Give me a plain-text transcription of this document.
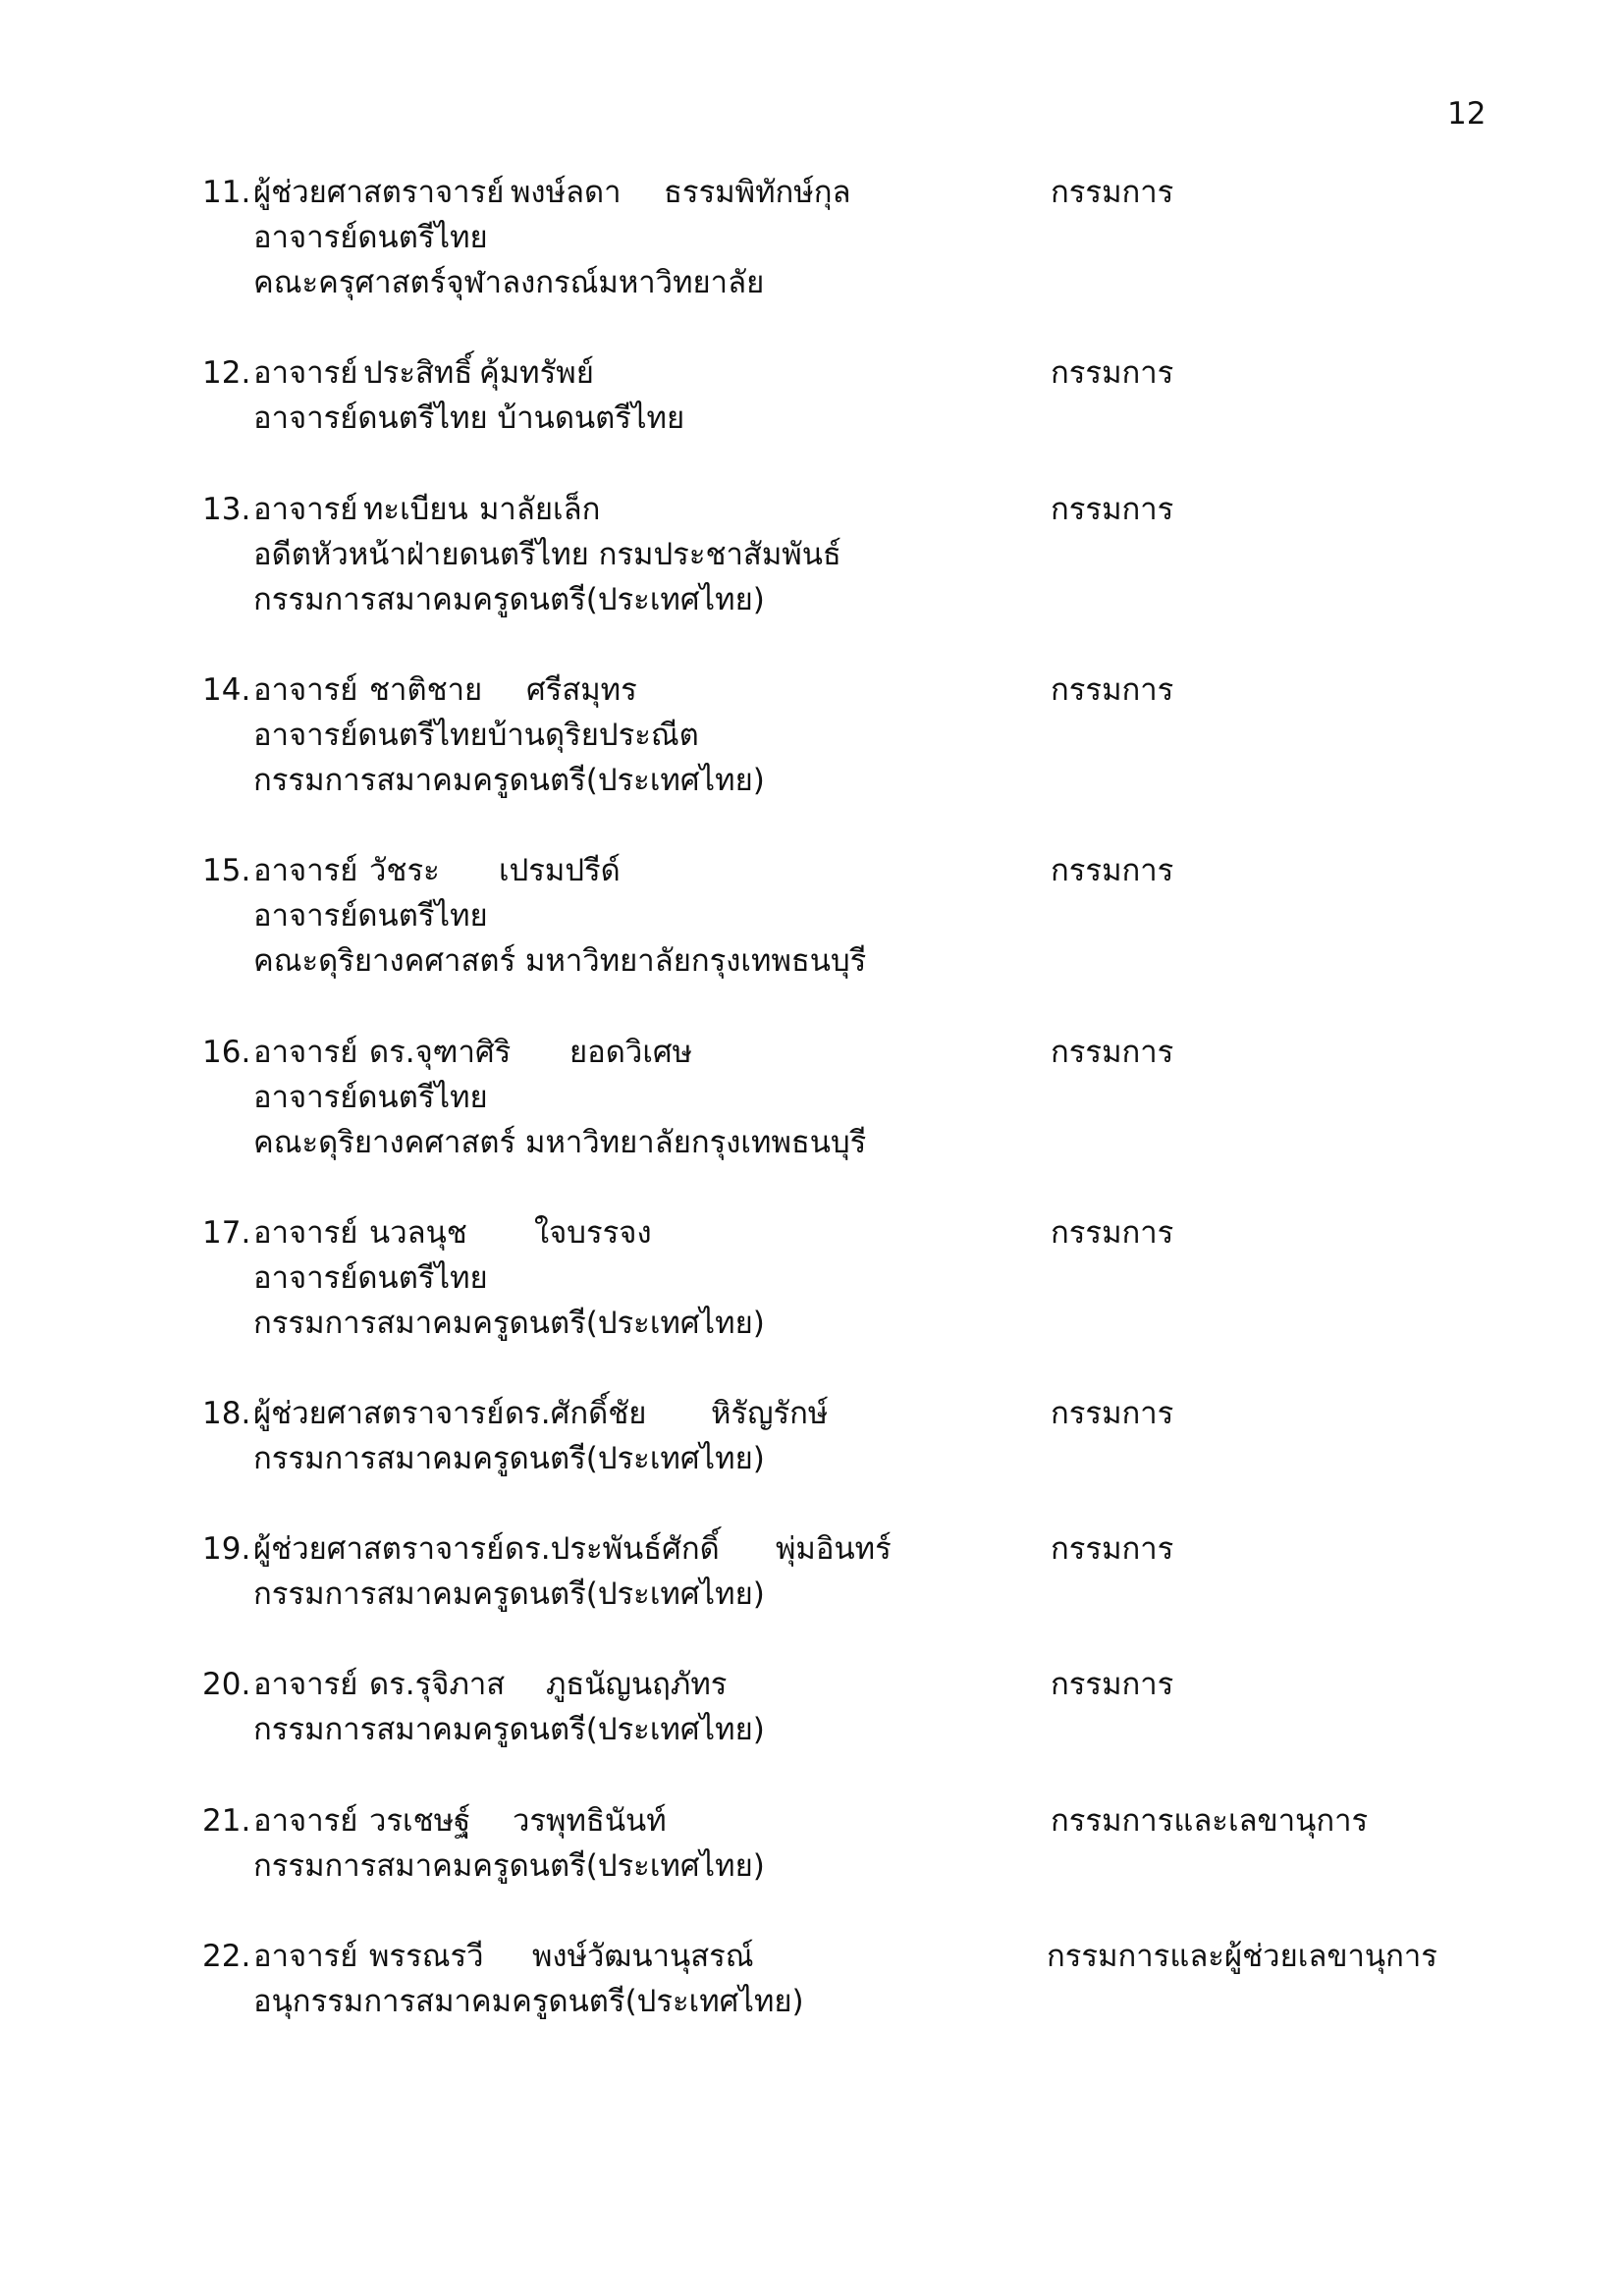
12
11. ผู้ช่วยศาสตราจารย์ พงษ์ลดา ธรรมพิทักษ์กุล	กรรมการ
อาจารย์ดนตรีไทย
คณะครุศาสตร์จุฬาลงกรณ์มหาวิทยาลัย
12. อาจารย์ ประสิทธิ์ คุ้มทรัพย์	กรรมการ
อาจารย์ดนตรีไทย บ้านดนตรีไทย
13. อาจารย์ ทะเบียน มาลัยเล็ก	กรรมการ
อดีตหัวหน้าฝ่ายดนตรีไทย กรมประชาสัมพันธ์
กรรมการสมาคมครูดนตรี(ประเทศไทย)
14. อาจารย์ ชาติชาย ศรีสมุทร	กรรมการ
อาจารย์ดนตรีไทยบ้านดุริยประณีต
กรรมการสมาคมครูดนตรี(ประเทศไทย)
15. อาจารย์ วัชระ เปรมปรีด์	กรรมการ
อาจารย์ดนตรีไทย
คณะดุริยางคศาสตร์ มหาวิทยาลัยกรุงเทพธนบุรี
16. อาจารย์ ดร.จุฑาศิริ ยอดวิเศษ	กรรมการ
อาจารย์ดนตรีไทย
คณะดุริยางคศาสตร์ มหาวิทยาลัยกรุงเทพธนบุรี
17. อาจารย์ นวลนุช ใจบรรจง	กรรมการ
อาจารย์ดนตรีไทย
กรรมการสมาคมครูดนตรี(ประเทศไทย)
18. ผู้ช่วยศาสตราจารย์ ดร.ศักดิ์ชัย หิรัญรักษ์	กรรมการ
กรรมการสมาคมครูดนตรี(ประเทศไทย)
19. ผู้ช่วยศาสตราจารย์ ดร.ประพันธ์ศักดิ์ พุ่มอินทร์	กรรมการ
กรรมการสมาคมครูดนตรี(ประเทศไทย)
20. อาจารย์ ดร.รุจิภาส ภูธนัญนฤภัทร	กรรมการ
กรรมการสมาคมครูดนตรี(ประเทศไทย)
21. อาจารย์ วรเชษฐ์ วรพุทธินันท์	กรรมการและเลขานุการ
กรรมการสมาคมครูดนตรี(ประเทศไทย)
22. อาจารย์ พรรณรวี พงษ์วัฒนานุสรณ์	กรรมการและผู้ช่วยเลขานุการ
อนุกรรมการสมาคมครูดนตรี(ประเทศไทย)
